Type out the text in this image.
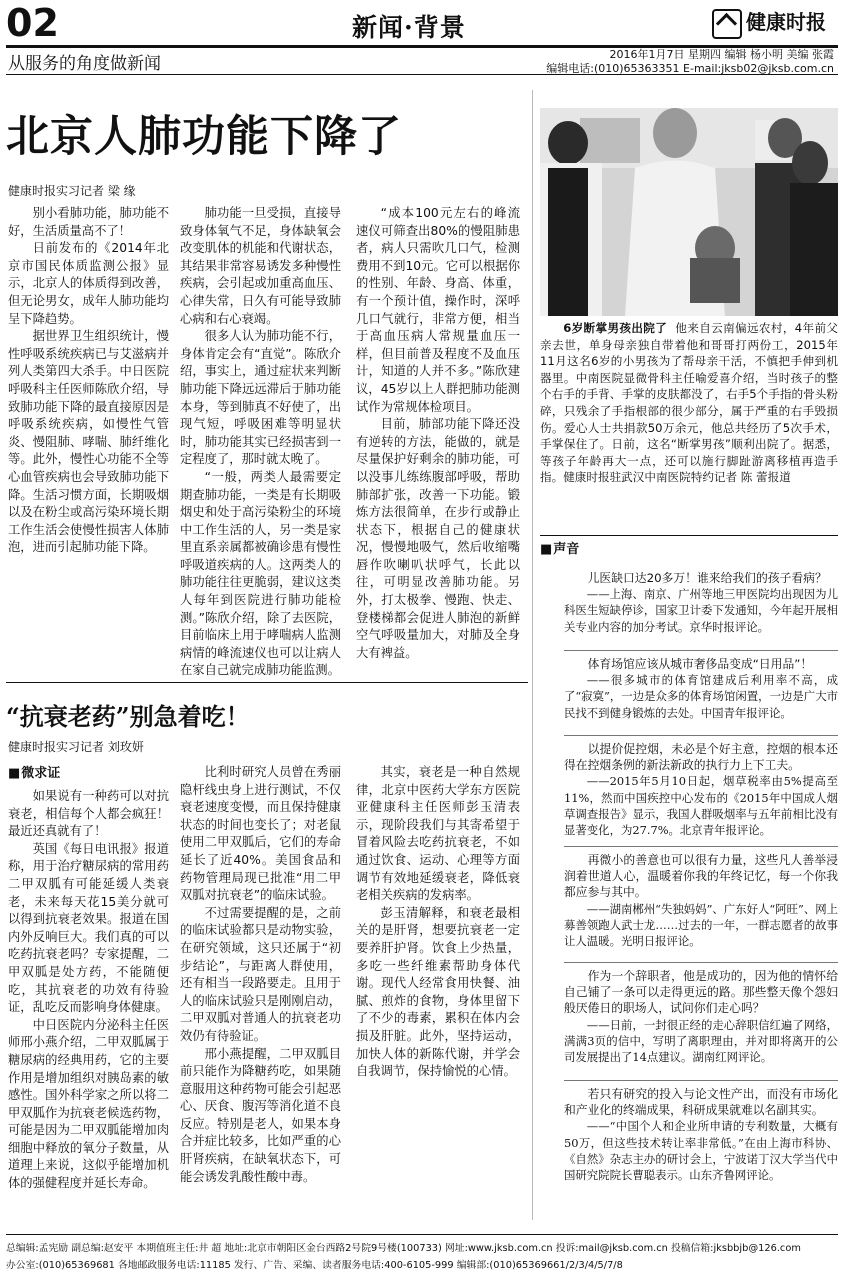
02	新闻·背景	健康时报
从服务的角度做新闻	2016年1月7日 星期四 编辑 杨小明 美编 张霞
编辑电话:(010)65363351 E-mail:jksb02@jksb.com.cn
北京人肺功能下降了
健康时报实习记者 梁 缘

别小看肺功能，肺功能不好，生活质量高不了！

日前发布的《2014年北京市国民体质监测公报》显示，北京人的体质得到改善，但无论男女，成年人肺功能均呈下降趋势。

据世界卫生组织统计，慢性呼吸系统疾病已与艾滋病并列人类第四大杀手。中日医院呼吸科主任医师陈欣介绍，导致肺功能下降的最直接原因是呼吸系统疾病，如慢性气管炎、慢阻肺、哮喘、肺纤维化等。此外，慢性心功能不全等心血管疾病也会导致肺功能下降。生活习惯方面，长期吸烟以及在粉尘或高污染环境长期工作生活会使慢性损害人体肺泡，进而引起肺功能下降。

肺功能一旦受损，直接导致身体氧气不足，身体缺氧会改变肌体的机能和代谢状态，其结果非常容易诱发多种慢性疾病，会引起或加重高血压、心律失常，日久有可能导致肺心病和右心衰竭。

很多人认为肺功能不行，身体肯定会有“直觉”。陈欣介绍，事实上，通过症状来判断肺功能下降远远滞后于肺功能本身，等到肺真不好使了，出现气短，呼吸困难等明显状时，肺功能其实已经损害到一定程度了，那时就太晚了。

“一般，两类人最需要定期查肺功能，一类是有长期吸烟史和处于高污染粉尘的环境中工作生活的人，另一类是家里直系亲属都被确诊患有慢性呼吸道疾病的人。这两类人的肺功能往往更脆弱，建议这类人每年到医院进行肺功能检测。”陈欣介绍，除了去医院，目前临床上用于哮喘病人监测病情的峰流速仪也可以让病人在家自己就完成肺功能监测。

“成本100元左右的峰流速仪可筛查出80%的慢阻肺患者，病人只需吹几口气，检测费用不到10元。它可以根据你的性别、年龄、身高、体重，有一个预计值，操作时，深呼几口气就行，非常方便，相当于高血压病人常规量血压一样，但目前普及程度不及血压计，知道的人并不多。”陈欣建议，45岁以上人群把肺功能测试作为常规体检项目。

目前，肺部功能下降还没有逆转的方法，能做的，就是尽量保护好剩余的肺功能，可以没事儿练练腹部呼吸，帮助肺部扩张，改善一下功能。锻炼方法很简单，在步行或静止状态下，根据自己的健康状况，慢慢地吸气，然后收缩嘴唇作吹喇叭状呼气，长此以往，可明显改善肺功能。另外，打太极拳、慢跑、快走、登楼梯都会促进人肺泡的新鲜空气呼吸量加大，对肺及全身大有裨益。

6岁断掌男孩出院了 他来自云南偏远农村，4年前父亲去世，单身母亲独自带着他和哥哥打两份工，2015年11月这名6岁的小男孩为了帮母亲干活，不慎把手伸到机器里。中南医院显微骨科主任喻爱喜介绍，当时孩子的整个右手的手背、手掌的皮肤都没了，右手5个手指的骨头粉碎，只残余了手指根部的很少部分，属于严重的右手毁损伤。爱心人士共捐款50万余元，他总共经历了5次手术，手掌保住了。日前，这名“断掌男孩”顺利出院了。据悉，等孩子年龄再大一点，还可以施行脚趾游离移植再造手指。健康时报驻武汉中南医院特约记者 陈 蕾报道

■ 声音

儿医缺口达20多万！谁来给我们的孩子看病？

——上海、南京、广州等地三甲医院均出现因为儿科医生短缺停诊，国家卫计委下发通知，今年起开展相关专业内容的加分考试。京华时报评论。

体育场馆应该从城市奢侈品变成“日用品”！

——很多城市的体育馆建成后利用率不高，成了“寂寞”，一边是众多的体育场馆闲置，一边是广大市民找不到健身锻炼的去处。中国青年报评论。

以提价促控烟，未必是个好主意，控烟的根本还得在控烟条例的新法新政的执行力上下工夫。

——2015年5月10日起，烟草税率由5%提高至11%，然而中国疾控中心发布的《2015年中国成人烟草调查报告》显示，我国人群吸烟率与五年前相比没有显著变化，为27.7%。北京青年报评论。

再微小的善意也可以很有力量，这些凡人善举浸润着世道人心，温暖着你我的年终记忆，每一个你我都应参与其中。

——湖南郴州“失独妈妈”、广东好人“阿旺”、网上募善领跑人武士龙……过去的一年，一群志愿者的故事让人温暖。光明日报评论。

作为一个辞职者，他是成功的，因为他的情怀给自己铺了一条可以走得更远的路。那些整天像个怨妇般厌倦日的职场人，试问你们走心吗？

——日前，一封很正经的走心辞职信红遍了网络，满满3页的信中，写明了离职理由，并对即将离开的公司发展提出了14点建议。湖南红网评论。

若只有研究的投入与论文性产出，而没有市场化和产业化的终端成果，科研成果就难以名副其实。

——“中国个人和企业所申请的专利数量，大概有50万，但这些技术转让率非常低。”在由上海市科协、《自然》杂志主办的研讨会上，宁波诺丁汉大学当代中国研究院院长曹聪表示。山东齐鲁网评论。

“抗衰老药”别急着吃！
健康时报实习记者 刘玫妍
■ 微求证

如果说有一种药可以对抗衰老，相信每个人都会疯狂！最近还真就有了！

英国《每日电讯报》报道称，用于治疗糖尿病的常用药二甲双胍有可能延缓人类衰老，未来每天花15美分就可以得到抗衰老效果。报道在国内外反响巨大。我们真的可以吃药抗衰老吗？专家提醒，二甲双胍是处方药，不能随便吃，其抗衰老的功效有待验证，乱吃反而影响身体健康。

中日医院内分泌科主任医师邢小燕介绍，二甲双胍属于糖尿病的经典用药，它的主要作用是增加组织对胰岛素的敏感性。国外科学家之所以将二甲双胍作为抗衰老候选药物，可能是因为二甲双胍能增加肉细胞中释放的氧分子数量，从道理上来说，这似乎能增加机体的强健程度并延长寿命。

比利时研究人员曾在秀丽隐杆线虫身上进行测试，不仅衰老速度变慢，而且保持健康状态的时间也变长了；对老鼠使用二甲双胍后，它们的寿命延长了近40%。美国食品和药物管理局现已批准“用二甲双胍对抗衰老”的临床试验。

不过需要提醒的是，之前的临床试验都只是动物实验，在研究领域，这只还属于“初步结论”，与距离人群使用，还有相当一段路要走。且用于人的临床试验只是刚刚启动，二甲双胍对普通人的抗衰老功效仍有待验证。

邢小燕提醒，二甲双胍目前只能作为降糖药吃，如果随意服用这种药物可能会引起恶心、厌食、腹泻等消化道不良反应。特别是老人，如果本身合并症比较多，比如严重的心肝肾疾病，在缺氧状态下，可能会诱发乳酸性酸中毒。

其实，衰老是一种自然规律，北京中医药大学东方医院亚健康科主任医师彭玉清表示，现阶段我们与其寄希望于冒着风险去吃药抗衰老，不如通过饮食、运动、心理等方面调节有效地延缓衰老，降低衰老相关疾病的发病率。

彭玉清解释，和衰老最相关的是肝肾，想要抗衰老一定要养肝护肾。饮食上少热量，多吃一些纤维素帮助身体代谢。现代人经常食用快餐、油腻、煎炸的食物，身体里留下了不少的毒素，累积在体内会损及肝脏。此外，坚持运动，加快人体的新陈代谢，并学会自我调节，保持愉悦的心情。

总编辑:孟宪励 副总编:赵安平 本期值班主任:井 超 地址:北京市朝阳区金台西路2号院9号楼(100733) 网址:www.jksb.com.cn 投诉:mail@jksb.com.cn 投稿信箱:jksbbjb@126.com
办公室:(010)65369681 各地邮政服务电话:11185 发行、广告、采编、读者服务电话:400-6105-999 编辑部:(010)65369661/2/3/4/5/7/8
